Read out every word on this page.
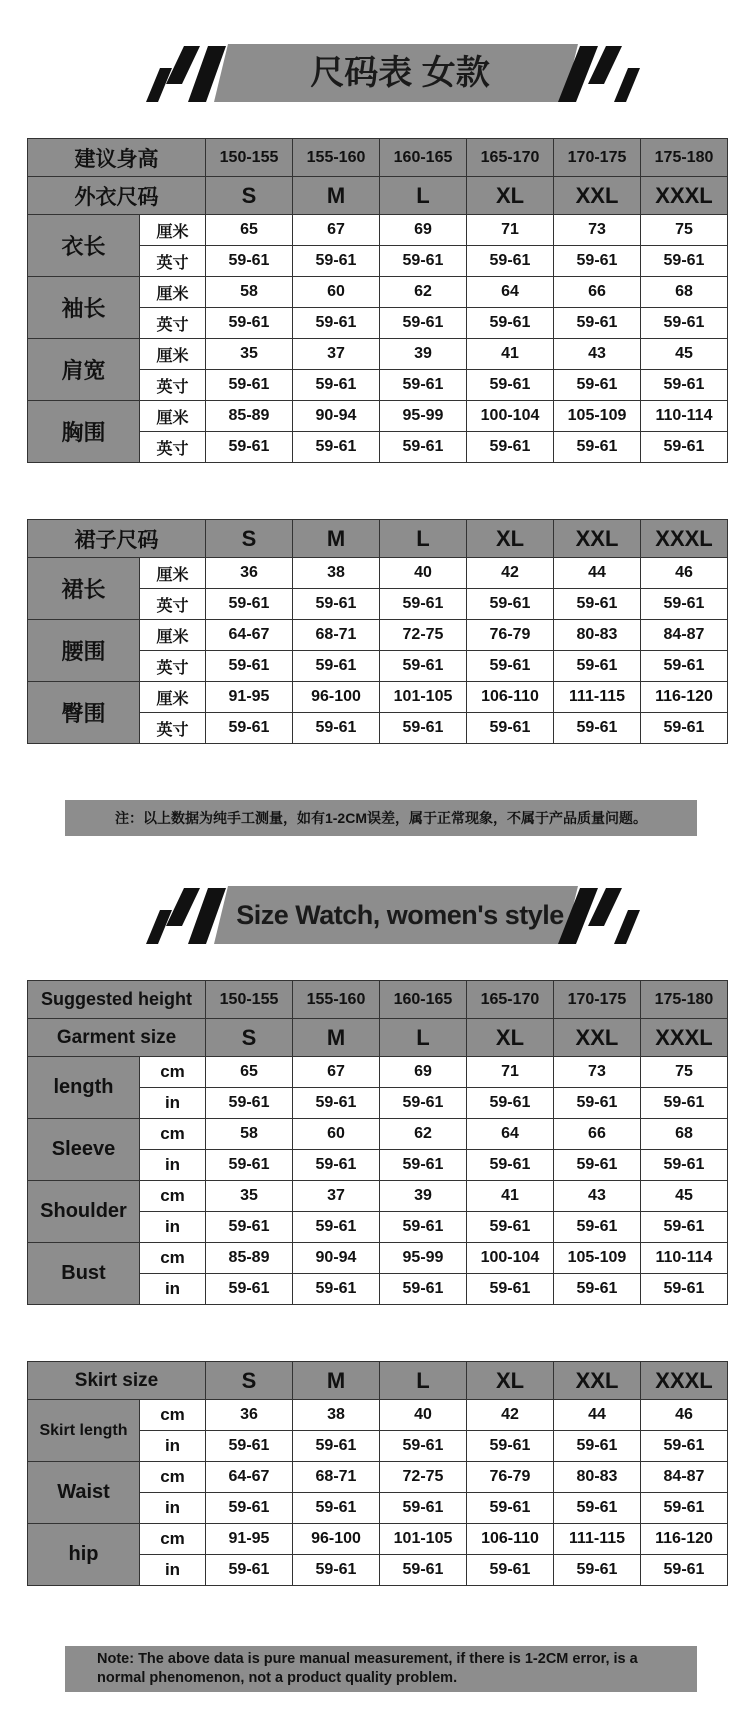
尺码表 女款
建议身高		150-155	155-160	160-165	165-170	170-175	175-180
外衣尺码		S	M	L	XL	XXL	XXXL
衣长	厘米	65	67	69	71	73	75
	英寸	59-61	59-61	59-61	59-61	59-61	59-61
袖长	厘米	58	60	62	64	66	68
	英寸	59-61	59-61	59-61	59-61	59-61	59-61
肩宽	厘米	35	37	39	41	43	45
	英寸	59-61	59-61	59-61	59-61	59-61	59-61
胸围	厘米	85-89	90-94	95-99	100-104	105-109	110-114
	英寸	59-61	59-61	59-61	59-61	59-61	59-61
裙子尺码		S	M	L	XL	XXL	XXXL
裙长	厘米	36	38	40	42	44	46
	英寸	59-61	59-61	59-61	59-61	59-61	59-61
腰围	厘米	64-67	68-71	72-75	76-79	80-83	84-87
	英寸	59-61	59-61	59-61	59-61	59-61	59-61
臀围	厘米	91-95	96-100	101-105	106-110	111-115	116-120
	英寸	59-61	59-61	59-61	59-61	59-61	59-61
注：以上数据为纯手工测量，如有1-2CM误差，属于正常现象，不属于产品质量问题。
Size Watch, women's style
Suggested height		150-155	155-160	160-165	165-170	170-175	175-180
Garment size		S	M	L	XL	XXL	XXXL
length	cm	65	67	69	71	73	75
	in	59-61	59-61	59-61	59-61	59-61	59-61
Sleeve	cm	58	60	62	64	66	68
	in	59-61	59-61	59-61	59-61	59-61	59-61
Shoulder	cm	35	37	39	41	43	45
	in	59-61	59-61	59-61	59-61	59-61	59-61
Bust	cm	85-89	90-94	95-99	100-104	105-109	110-114
	in	59-61	59-61	59-61	59-61	59-61	59-61
Skirt size		S	M	L	XL	XXL	XXXL
Skirt length	cm	36	38	40	42	44	46
	in	59-61	59-61	59-61	59-61	59-61	59-61
Waist	cm	64-67	68-71	72-75	76-79	80-83	84-87
	in	59-61	59-61	59-61	59-61	59-61	59-61
hip	cm	91-95	96-100	101-105	106-110	111-115	116-120
	in	59-61	59-61	59-61	59-61	59-61	59-61
Note: The above data is pure manual measurement, if there is 1-2CM error, is a normal phenomenon, not a product quality problem.
